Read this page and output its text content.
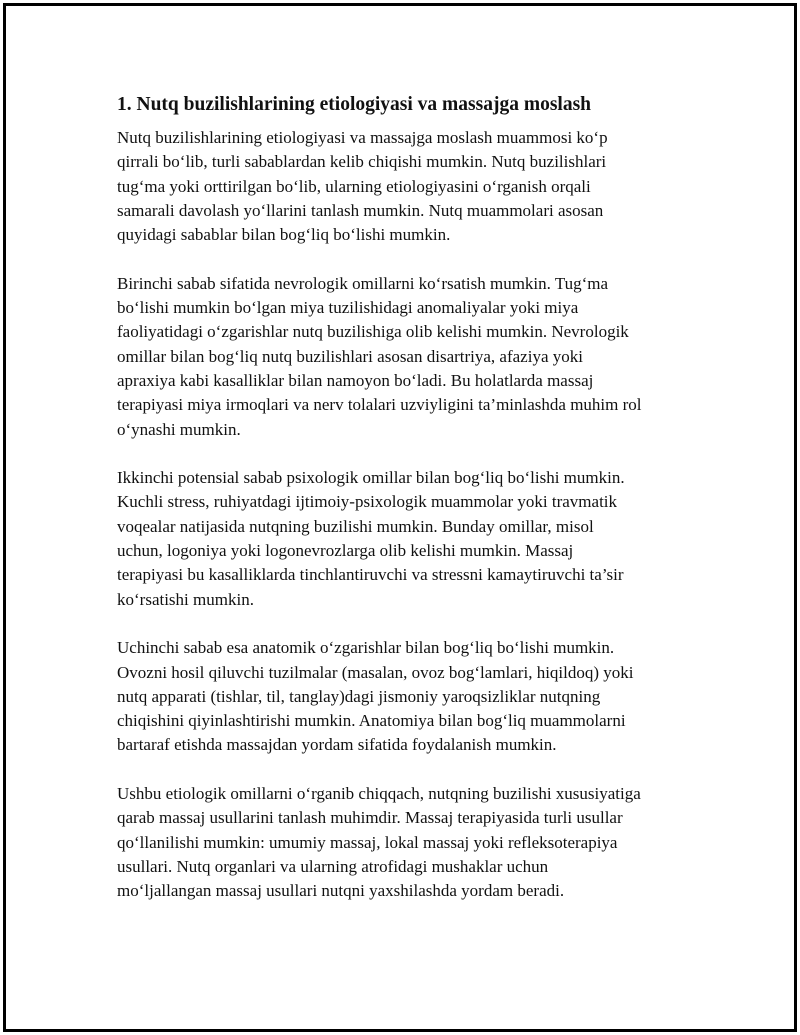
1. Nutq buzilishlarining etiologiyasi va massajga moslash

Nutq buzilishlarining etiologiyasi va massajga moslash muammosi ko‘p
qirrali bo‘lib, turli sabablardan kelib chiqishi mumkin. Nutq buzilishlari
tug‘ma yoki orttirilgan bo‘lib, ularning etiologiyasini o‘rganish orqali
samarali davolash yo‘llarini tanlash mumkin. Nutq muammolari asosan
quyidagi sabablar bilan bog‘liq bo‘lishi mumkin.

Birinchi sabab sifatida nevrologik omillarni ko‘rsatish mumkin. Tug‘ma
bo‘lishi mumkin bo‘lgan miya tuzilishidagi anomaliyalar yoki miya
faoliyatidagi o‘zgarishlar nutq buzilishiga olib kelishi mumkin. Nevrologik
omillar bilan bog‘liq nutq buzilishlari asosan disartriya, afaziya yoki
apraxiya kabi kasalliklar bilan namoyon bo‘ladi. Bu holatlarda massaj
terapiyasi miya irmoqlari va nerv tolalari uzviyligini ta’minlashda muhim rol
o‘ynashi mumkin.

Ikkinchi potensial sabab psixologik omillar bilan bog‘liq bo‘lishi mumkin.
Kuchli stress, ruhiyatdagi ijtimoiy-psixologik muammolar yoki travmatik
voqealar natijasida nutqning buzilishi mumkin. Bunday omillar, misol
uchun, logoniya yoki logonevrozlarga olib kelishi mumkin. Massaj
terapiyasi bu kasalliklarda tinchlantiruvchi va stressni kamaytiruvchi ta’sir
ko‘rsatishi mumkin.

Uchinchi sabab esa anatomik o‘zgarishlar bilan bog‘liq bo‘lishi mumkin.
Ovozni hosil qiluvchi tuzilmalar (masalan, ovoz bog‘lamlari, hiqildoq) yoki
nutq apparati (tishlar, til, tanglay)dagi jismoniy yaroqsizliklar nutqning
chiqishini qiyinlashtirishi mumkin. Anatomiya bilan bog‘liq muammolarni
bartaraf etishda massajdan yordam sifatida foydalanish mumkin.

Ushbu etiologik omillarni o‘rganib chiqqach, nutqning buzilishi xususiyatiga
qarab massaj usullarini tanlash muhimdir. Massaj terapiyasida turli usullar
qo‘llanilishi mumkin: umumiy massaj, lokal massaj yoki refleksoterapiya
usullari. Nutq organlari va ularning atrofidagi mushaklar uchun
mo‘ljallangan massaj usullari nutqni yaxshilashda yordam beradi.
